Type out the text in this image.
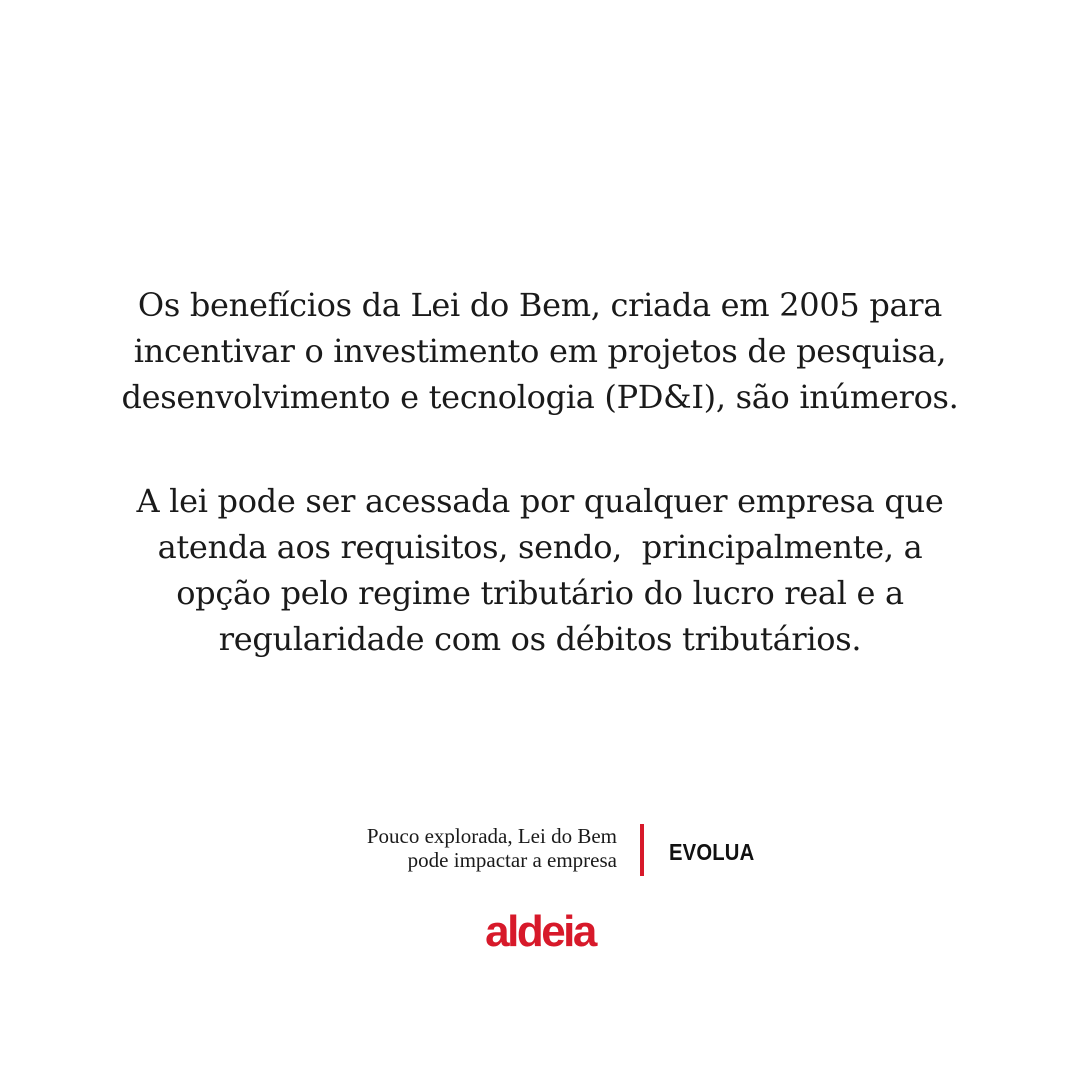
Os benefícios da Lei do Bem, criada em 2005 para
incentivar o investimento em projetos de pesquisa,
desenvolvimento e tecnologia (PD&I), são inúmeros.
A lei pode ser acessada por qualquer empresa que
atenda aos requisitos, sendo,  principalmente, a
opção pelo regime tributário do lucro real e a
regularidade com os débitos tributários.
Pouco explorada, Lei do Bem
pode impactar a empresa EVOLUA
aldeia
